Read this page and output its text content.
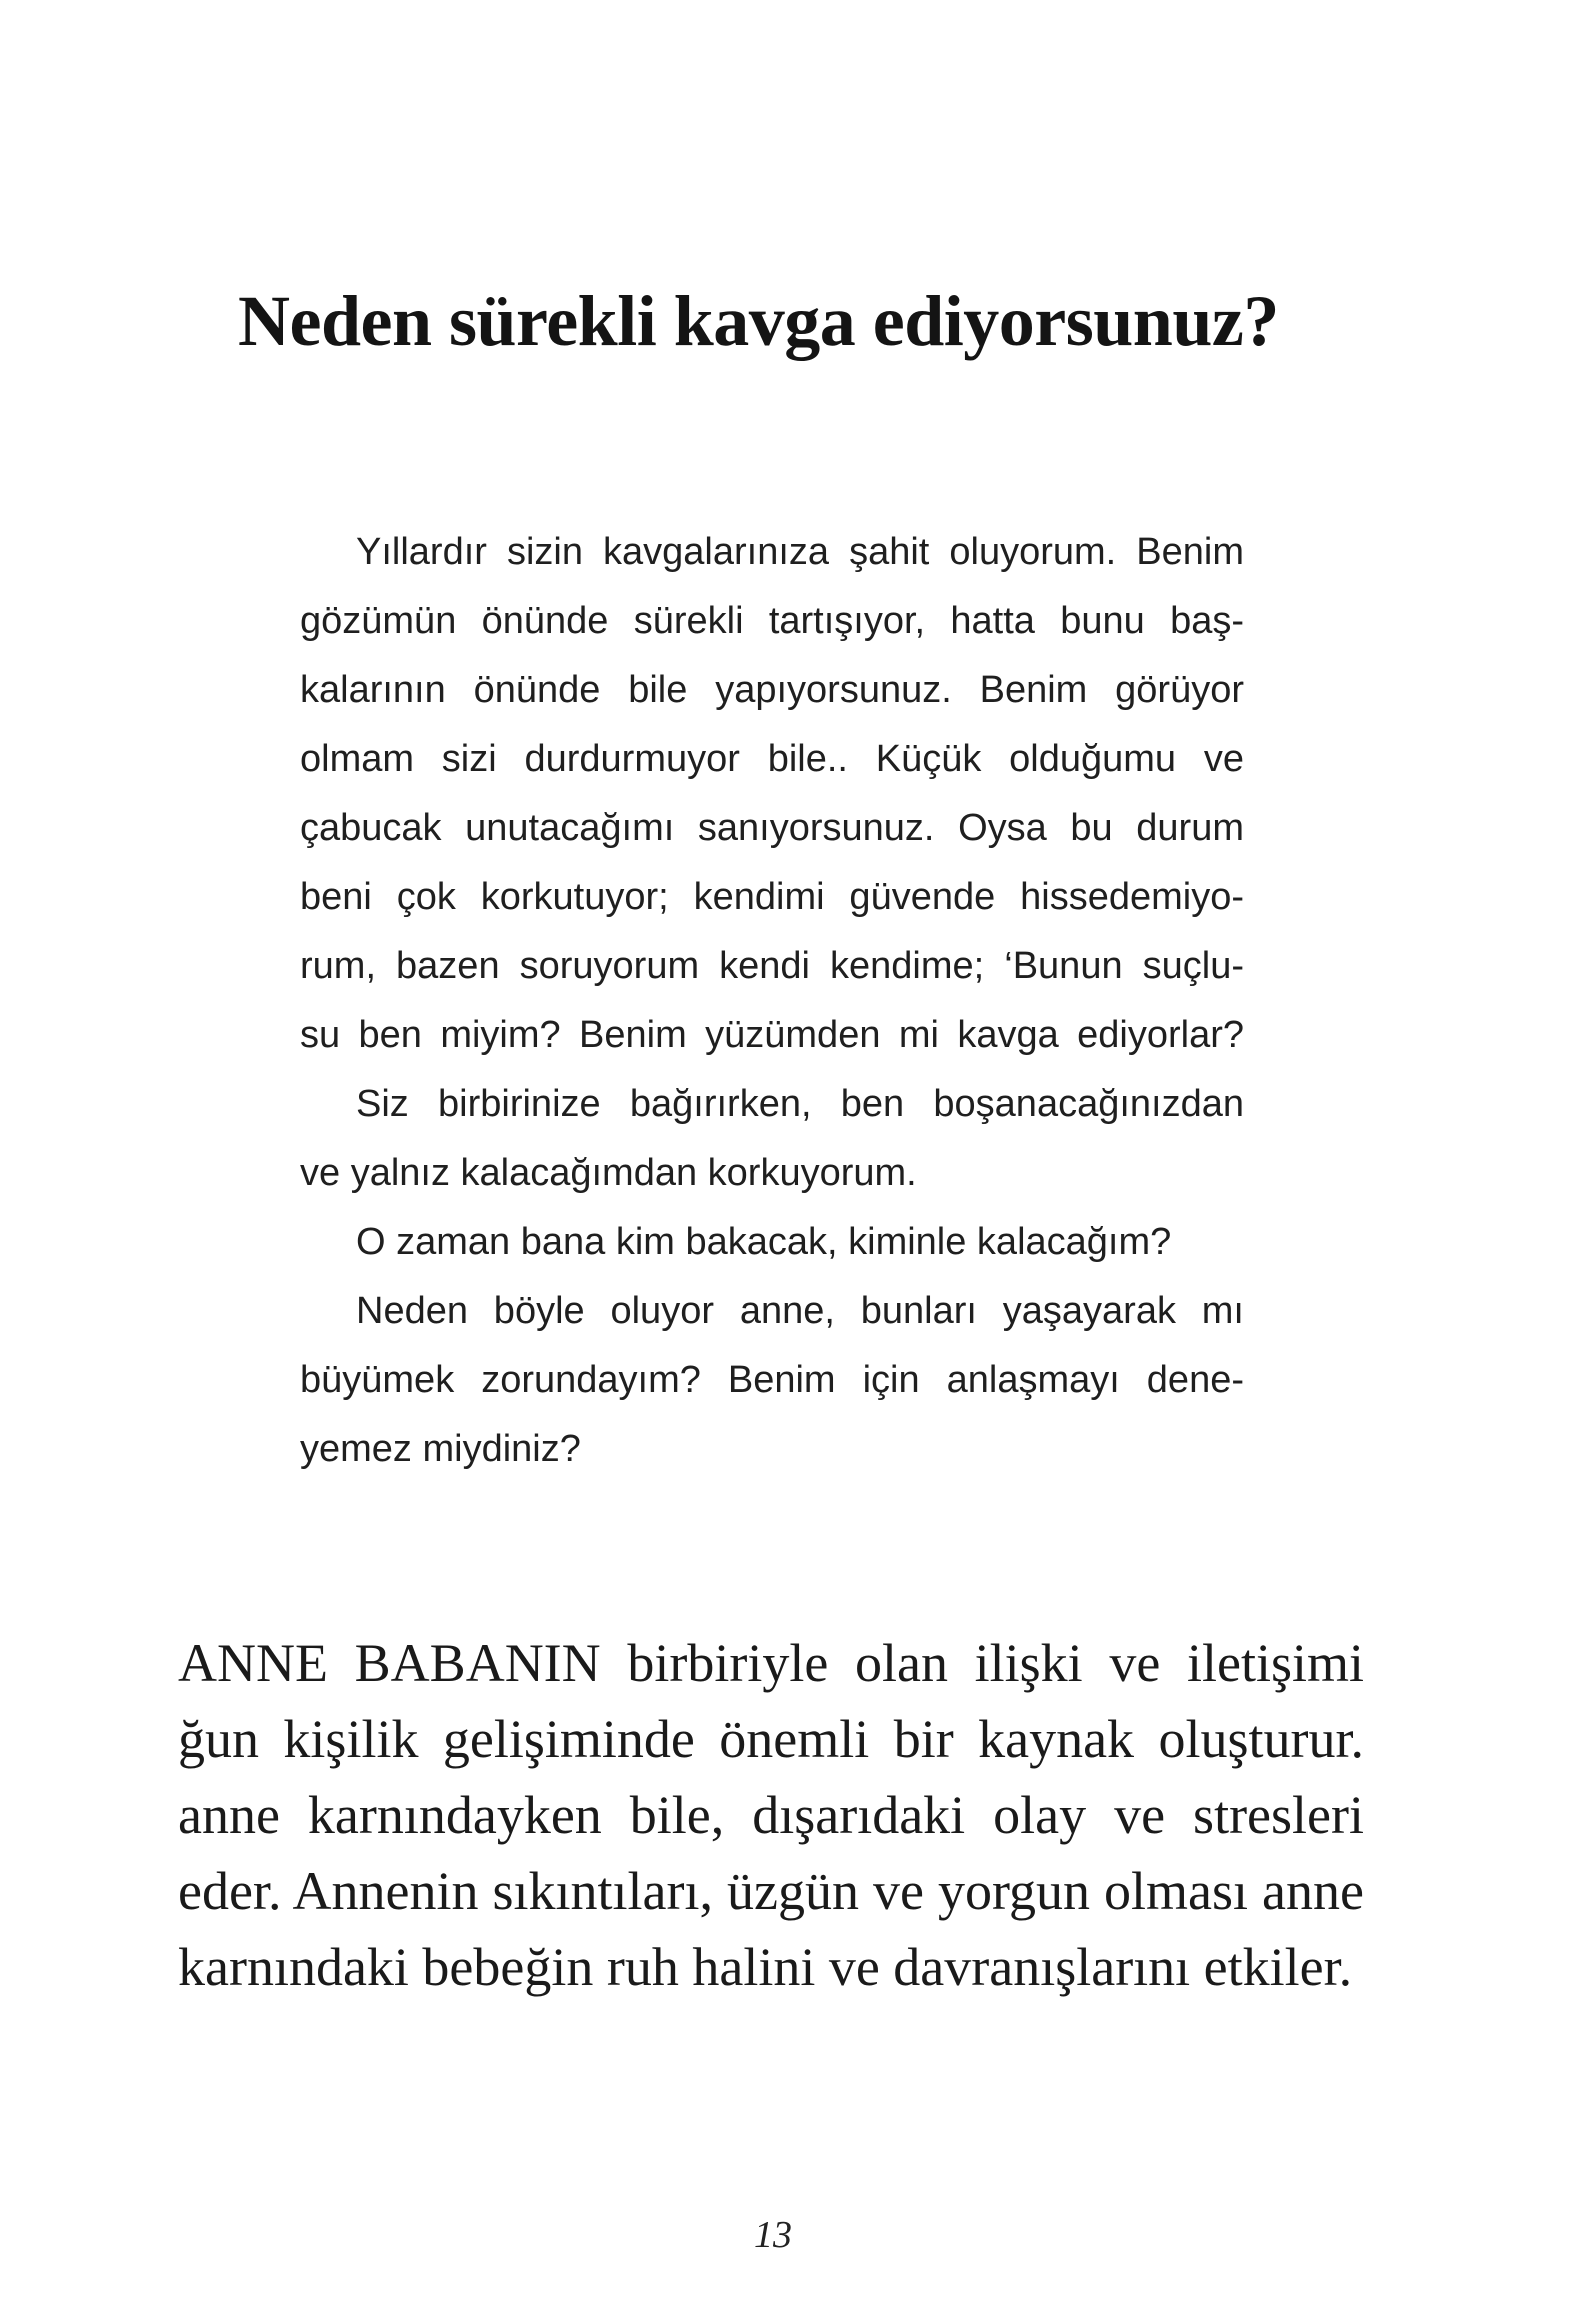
Neden sürekli kavga ediyorsunuz?
Yıllardır sizin kavgalarınıza şahit oluyorum. Benim
gözümün önünde sürekli tartışıyor, hatta bunu baş-
kalarının önünde bile yapıyorsunuz. Benim görüyor
olmam sizi durdurmuyor bile.. Küçük olduğumu ve
çabucak unutacağımı sanıyorsunuz. Oysa bu durum
beni çok korkutuyor; kendimi güvende hissedemiyo-
rum, bazen soruyorum kendi kendime; ‘Bunun suçlu-
su ben miyim? Benim yüzümden mi kavga ediyorlar?
Siz birbirinize bağırırken, ben boşanacağınızdan
ve yalnız kalacağımdan korkuyorum.
O zaman bana kim bakacak, kiminle kalacağım?
Neden böyle oluyor anne, bunları yaşayarak mı
büyümek zorundayım? Benim için anlaşmayı dene-
yemez miydiniz?
ANNE BABANIN birbiriyle olan ilişki ve iletişimi
ğun kişilik gelişiminde önemli bir kaynak oluşturur.
anne karnındayken bile, dışarıdaki olay ve stresleri
eder. Annenin sıkıntıları, üzgün ve yorgun olması anne
karnındaki bebeğin ruh halini ve davranışlarını etkiler.
13
